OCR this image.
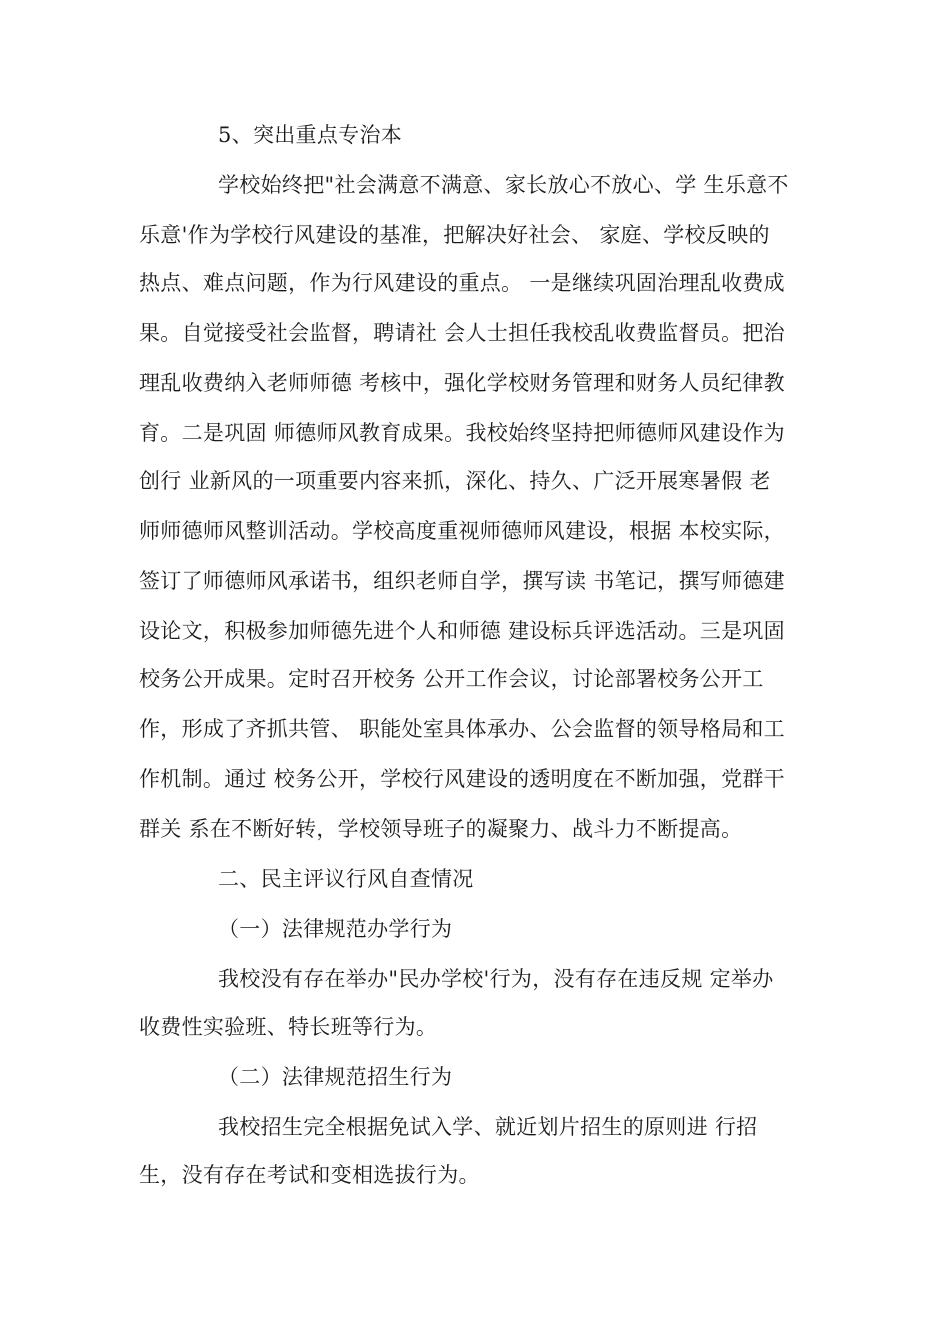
5、突出重点专治本

学校始终把"社会满意不满意、家长放心不放心、学 生乐意不

乐意'作为学校行风建设的基准，把解决好社会、 家庭、学校反映的

热点、难点问题，作为行风建设的重点。 一是继续巩固治理乱收费成

果。自觉接受社会监督，聘请社 会人士担任我校乱收费监督员。把治

理乱收费纳入老师师德 考核中，强化学校财务管理和财务人员纪律教

育。二是巩固 师德师风教育成果。我校始终坚持把师德师风建设作为

创行 业新风的一项重要内容来抓，深化、持久、广泛开展寒暑假 老

师师德师风整训活动。学校高度重视师德师风建设，根据 本校实际，

签订了师德师风承诺书，组织老师自学，撰写读 书笔记，撰写师德建

设论文，积极参加师德先进个人和师德 建设标兵评选活动。三是巩固

校务公开成果。定时召开校务 公开工作会议，讨论部署校务公开工

作，形成了齐抓共管、 职能处室具体承办、公会监督的领导格局和工

作机制。通过 校务公开，学校行风建设的透明度在不断加强，党群干

群关 系在不断好转，学校领导班子的凝聚力、战斗力不断提高。

二、民主评议行风自查情况

（一）法律规范办学行为

我校没有存在举办"民办学校'行为，没有存在违反规 定举办

收费性实验班、特长班等行为。

（二）法律规范招生行为

我校招生完全根据免试入学、就近划片招生的原则进 行招

生，没有存在考试和变相选拔行为。
